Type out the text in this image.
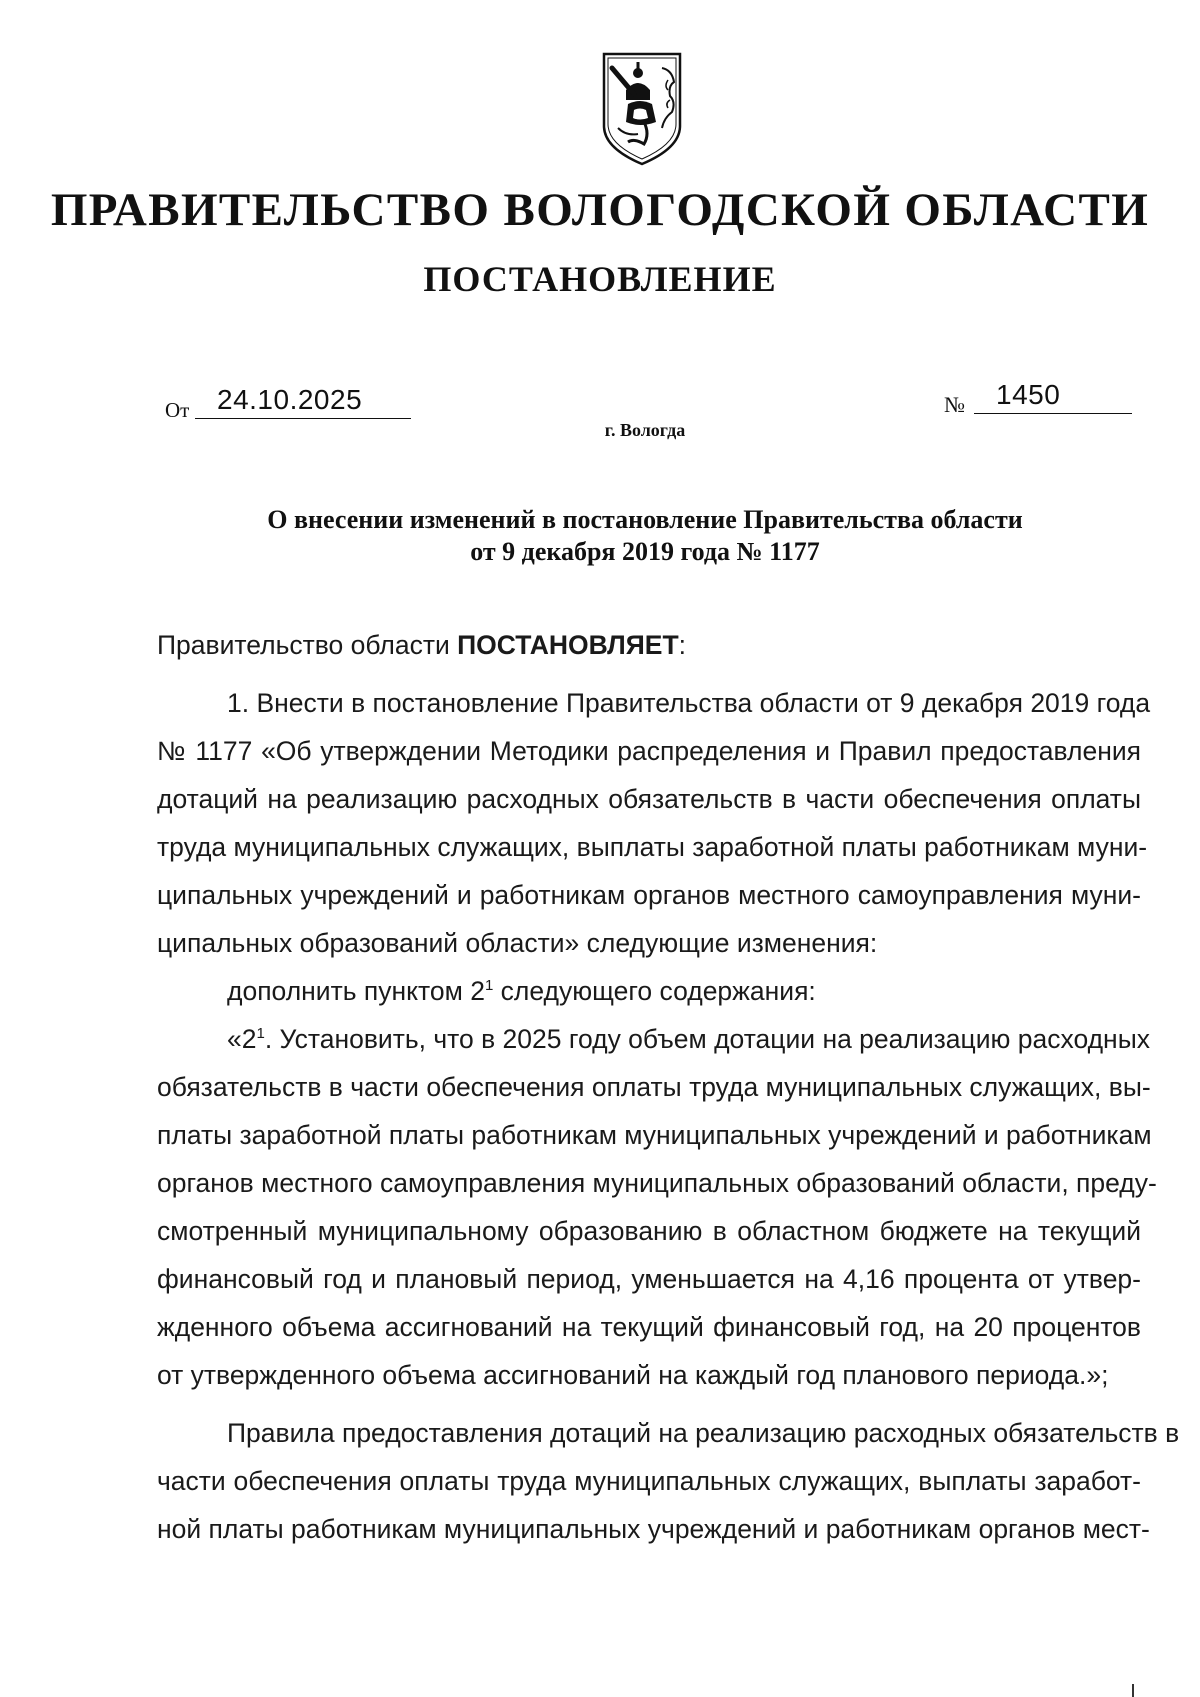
ПРАВИТЕЛЬСТВО ВОЛОГОДСКОЙ ОБЛАСТИ
ПОСТАНОВЛЕНИЕ
От 24.10.2025	№ 1450
г. Вологда
О внесении изменений в постановление Правительства области
от 9 декабря 2019 года № 1177
Правительство области ПОСТАНОВЛЯЕТ:
1. Внести в постановление Правительства области от 9 декабря 2019 года
№ 1177 «Об утверждении Методики распределения и Правил предоставления
дотаций на реализацию расходных обязательств в части обеспечения оплаты
труда муниципальных служащих, выплаты заработной платы работникам муни-
ципальных учреждений и работникам органов местного самоуправления муни-
ципальных образований области» следующие изменения:
дополнить пунктом $2^1$ следующего содержания:
«$2^1$. Установить, что в 2025 году объем дотации на реализацию расходных
обязательств в части обеспечения оплаты труда муниципальных служащих, вы-
платы заработной платы работникам муниципальных учреждений и работникам
органов местного самоуправления муниципальных образований области, преду-
смотренный муниципальному образованию в областном бюджете на текущий
финансовый год и плановый период, уменьшается на 4,16 процента от утвер-
жденного объема ассигнований на текущий финансовый год, на 20 процентов
от утвержденного объема ассигнований на каждый год планового периода.»;
Правила предоставления дотаций на реализацию расходных обязательств в
части обеспечения оплаты труда муниципальных служащих, выплаты заработ-
ной платы работникам муниципальных учреждений и работникам органов мест-
